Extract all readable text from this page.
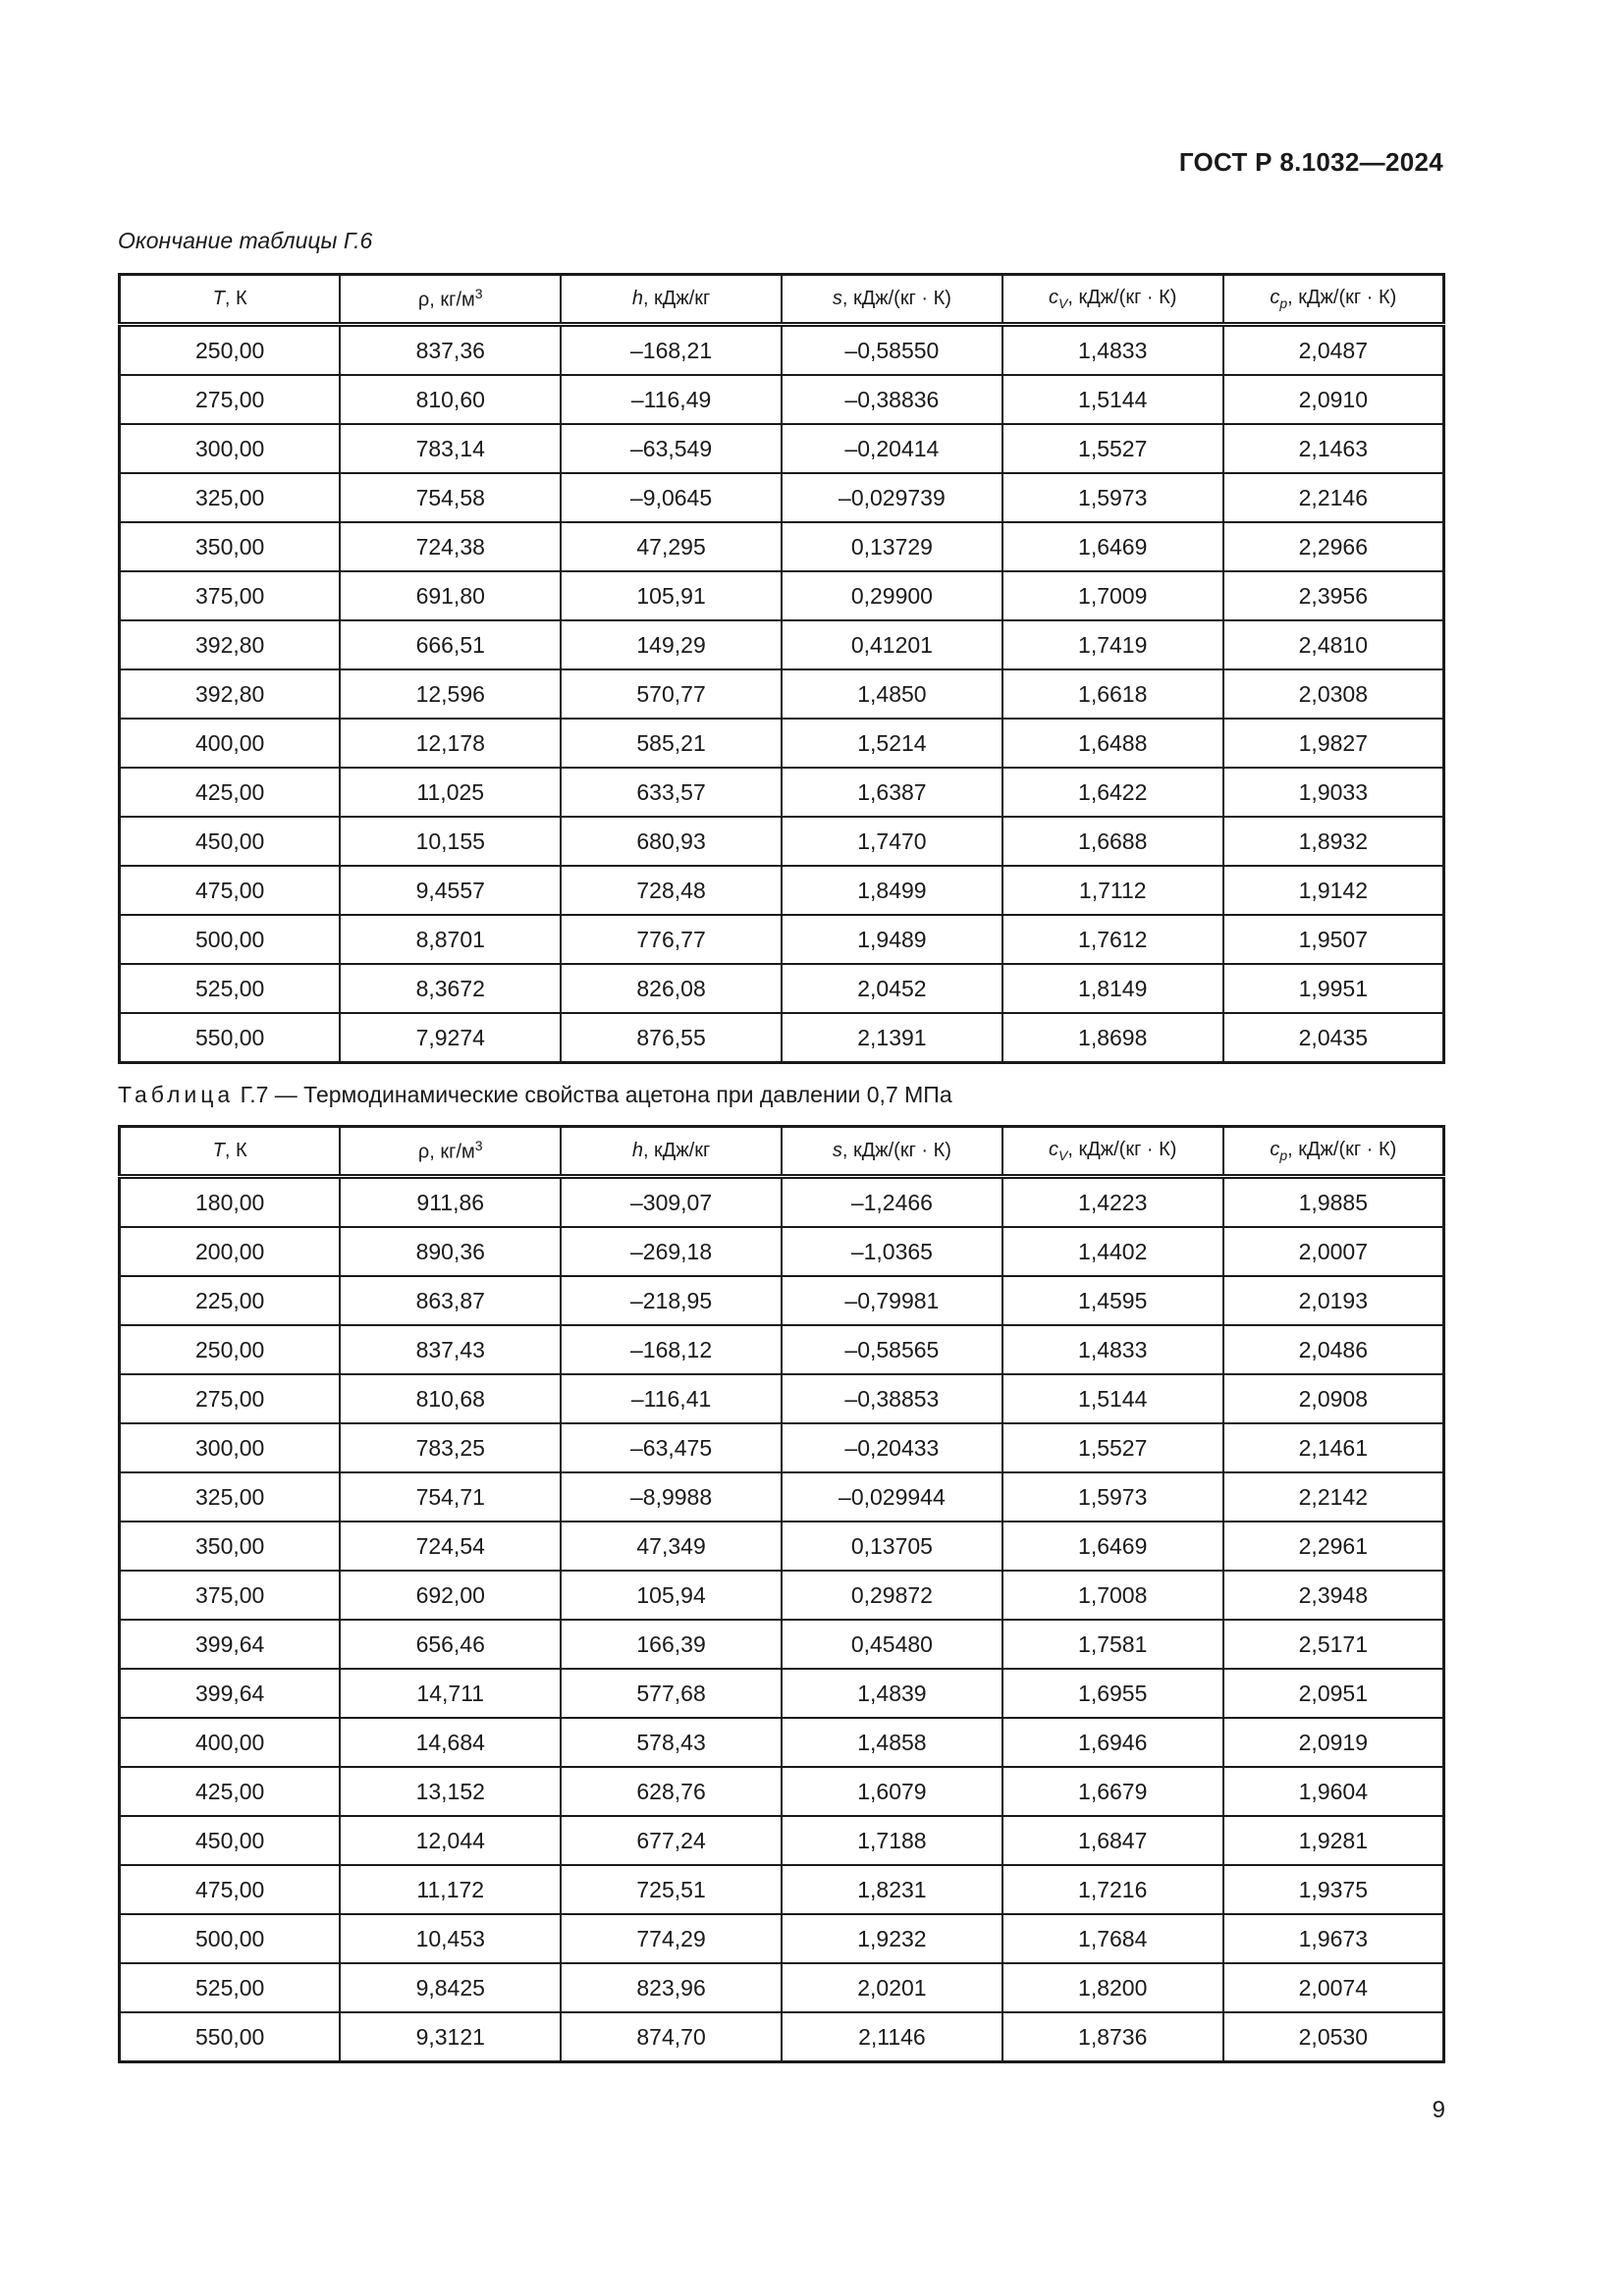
ГОСТ Р 8.1032—2024
Окончание таблицы Г.6
T, К	ρ, $кг/м^3$	h, кДж/кг	s, кДж/(кг · К)	$c_V$, кДж/(кг · К)	$c_p$, кДж/(кг · К)
250,00	837,36	–168,21	–0,58550	1,4833	2,0487
275,00	810,60	–116,49	–0,38836	1,5144	2,0910
300,00	783,14	–63,549	–0,20414	1,5527	2,1463
325,00	754,58	–9,0645	–0,029739	1,5973	2,2146
350,00	724,38	47,295	0,13729	1,6469	2,2966
375,00	691,80	105,91	0,29900	1,7009	2,3956
392,80	666,51	149,29	0,41201	1,7419	2,4810
392,80	12,596	570,77	1,4850	1,6618	2,0308
400,00	12,178	585,21	1,5214	1,6488	1,9827
425,00	11,025	633,57	1,6387	1,6422	1,9033
450,00	10,155	680,93	1,7470	1,6688	1,8932
475,00	9,4557	728,48	1,8499	1,7112	1,9142
500,00	8,8701	776,77	1,9489	1,7612	1,9507
525,00	8,3672	826,08	2,0452	1,8149	1,9951
550,00	7,9274	876,55	2,1391	1,8698	2,0435
Таблица Г.7 — Термодинамические свойства ацетона при давлении 0,7 МПа
T, К	ρ, $кг/м^3$	h, кДж/кг	s, кДж/(кг · К)	$c_V$, кДж/(кг · К)	$c_p$, кДж/(кг · К)
180,00	911,86	–309,07	–1,2466	1,4223	1,9885
200,00	890,36	–269,18	–1,0365	1,4402	2,0007
225,00	863,87	–218,95	–0,79981	1,4595	2,0193
250,00	837,43	–168,12	–0,58565	1,4833	2,0486
275,00	810,68	–116,41	–0,38853	1,5144	2,0908
300,00	783,25	–63,475	–0,20433	1,5527	2,1461
325,00	754,71	–8,9988	–0,029944	1,5973	2,2142
350,00	724,54	47,349	0,13705	1,6469	2,2961
375,00	692,00	105,94	0,29872	1,7008	2,3948
399,64	656,46	166,39	0,45480	1,7581	2,5171
399,64	14,711	577,68	1,4839	1,6955	2,0951
400,00	14,684	578,43	1,4858	1,6946	2,0919
425,00	13,152	628,76	1,6079	1,6679	1,9604
450,00	12,044	677,24	1,7188	1,6847	1,9281
475,00	11,172	725,51	1,8231	1,7216	1,9375
500,00	10,453	774,29	1,9232	1,7684	1,9673
525,00	9,8425	823,96	2,0201	1,8200	2,0074
550,00	9,3121	874,70	2,1146	1,8736	2,0530
9
